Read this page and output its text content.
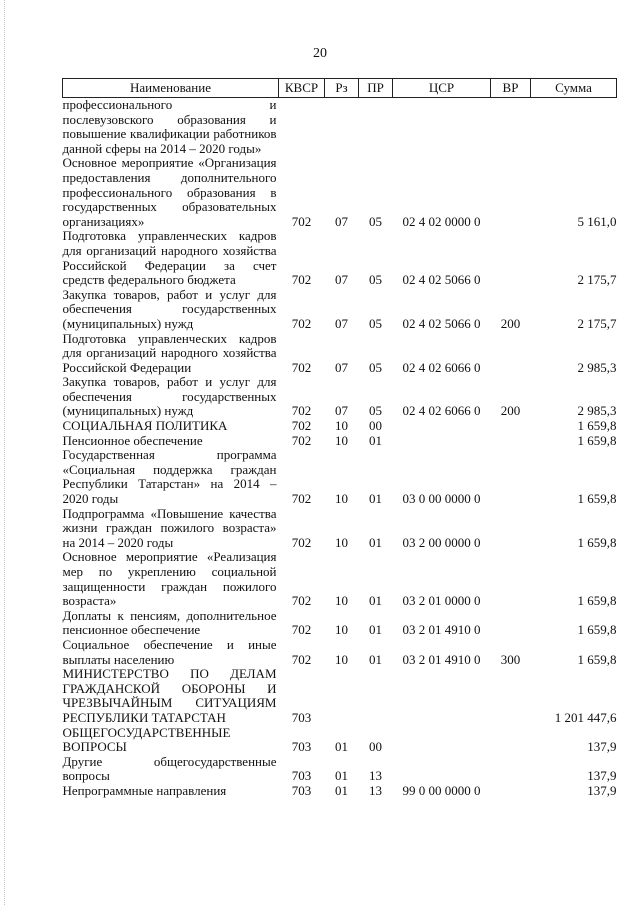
20
Наименование	КВСР	Рз	ПР	ЦСР	ВР	Сумма
профессионального и послевузовского образования и повышение квалификации работников данной сферы на 2014 – 2020 годы»						
Основное мероприятие «Организация предоставления дополнительного профессионального образования в государственных образовательных организациях»	702	07	05	02 4 02 0000 0		5 161,0
Подготовка управленческих кадров для организаций народного хозяйства Российской Федерации за счет средств федерального бюджета	702	07	05	02 4 02 5066 0		2 175,7
Закупка товаров, работ и услуг для обеспечения государственных (муниципальных) нужд	702	07	05	02 4 02 5066 0	200	2 175,7
Подготовка управленческих кадров для организаций народного хозяйства Российской Федерации	702	07	05	02 4 02 6066 0		2 985,3
Закупка товаров, работ и услуг для обеспечения государственных (муниципальных) нужд	702	07	05	02 4 02 6066 0	200	2 985,3
СОЦИАЛЬНАЯ ПОЛИТИКА	702	10	00			1 659,8
Пенсионное обеспечение	702	10	01			1 659,8
Государственная программа «Социальная поддержка граждан Республики Татарстан» на 2014 – 2020 годы	702	10	01	03 0 00 0000 0		1 659,8
Подпрограмма «Повышение качества жизни граждан пожилого возраста» на 2014 – 2020 годы	702	10	01	03 2 00 0000 0		1 659,8
Основное мероприятие «Реализация мер по укреплению социальной защищенности граждан пожилого возраста»	702	10	01	03 2 01 0000 0		1 659,8
Доплаты к пенсиям, дополнительное пенсионное обеспечение	702	10	01	03 2 01 4910 0		1 659,8
Социальное обеспечение и иные выплаты населению	702	10	01	03 2 01 4910 0	300	1 659,8
МИНИСТЕРСТВО ПО ДЕЛАМ ГРАЖДАНСКОЙ ОБОРОНЫ И ЧРЕЗВЫЧАЙНЫМ СИТУАЦИЯМ РЕСПУБЛИКИ ТАТАРСТАН	703					1 201 447,6
ОБЩЕГОСУДАРСТВЕННЫЕ ВОПРОСЫ	703	01	00			137,9
Другие общегосударственные вопросы	703	01	13			137,9
Непрограммные направления	703	01	13	99 0 00 0000 0		137,9
